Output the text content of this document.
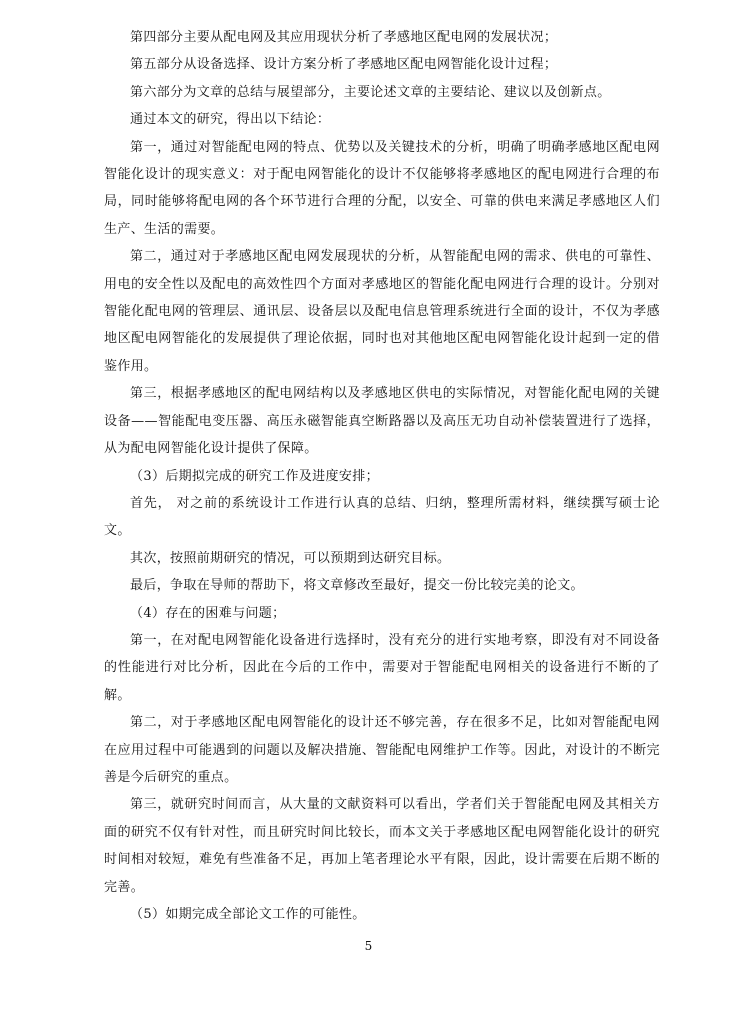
第四部分主要从配电网及其应用现状分析了孝感地区配电网的发展状况；

第五部分从设备选择、设计方案分析了孝感地区配电网智能化设计过程；

第六部分为文章的总结与展望部分，主要论述文章的主要结论、建议以及创新点。

通过本文的研究，得出以下结论：

第一，通过对智能配电网的特点、优势以及关键技术的分析，明确了明确孝感地区配电网智能化设计的现实意义：对于配电网智能化的设计不仅能够将孝感地区的配电网进行合理的布局，同时能够将配电网的各个环节进行合理的分配，以安全、可靠的供电来满足孝感地区人们生产、生活的需要。

第二，通过对于孝感地区配电网发展现状的分析，从智能配电网的需求、供电的可靠性、用电的安全性以及配电的高效性四个方面对孝感地区的智能化配电网进行合理的设计。分别对智能化配电网的管理层、通讯层、设备层以及配电信息管理系统进行全面的设计，不仅为孝感地区配电网智能化的发展提供了理论依据，同时也对其他地区配电网智能化设计起到一定的借鉴作用。

第三，根据孝感地区的配电网结构以及孝感地区供电的实际情况，对智能化配电网的关键设备——智能配电变压器、高压永磁智能真空断路器以及高压无功自动补偿装置进行了选择，从为配电网智能化设计提供了保障。

（3）后期拟完成的研究工作及进度安排；

首先， 对之前的系统设计工作进行认真的总结、归纳，整理所需材料，继续撰写硕士论文。

其次，按照前期研究的情况，可以预期到达研究目标。

最后，争取在导师的帮助下，将文章修改至最好，提交一份比较完美的论文。

（4）存在的困难与问题；

第一，在对配电网智能化设备进行选择时，没有充分的进行实地考察，即没有对不同设备的性能进行对比分析，因此在今后的工作中，需要对于智能配电网相关的设备进行不断的了解。

第二，对于孝感地区配电网智能化的设计还不够完善，存在很多不足，比如对智能配电网在应用过程中可能遇到的问题以及解决措施、智能配电网维护工作等。因此，对设计的不断完善是今后研究的重点。

第三，就研究时间而言，从大量的文献资料可以看出，学者们关于智能配电网及其相关方面的研究不仅有针对性，而且研究时间比较长，而本文关于孝感地区配电网智能化设计的研究时间相对较短，难免有些准备不足，再加上笔者理论水平有限，因此，设计需要在后期不断的完善。

（5）如期完成全部论文工作的可能性。

5
